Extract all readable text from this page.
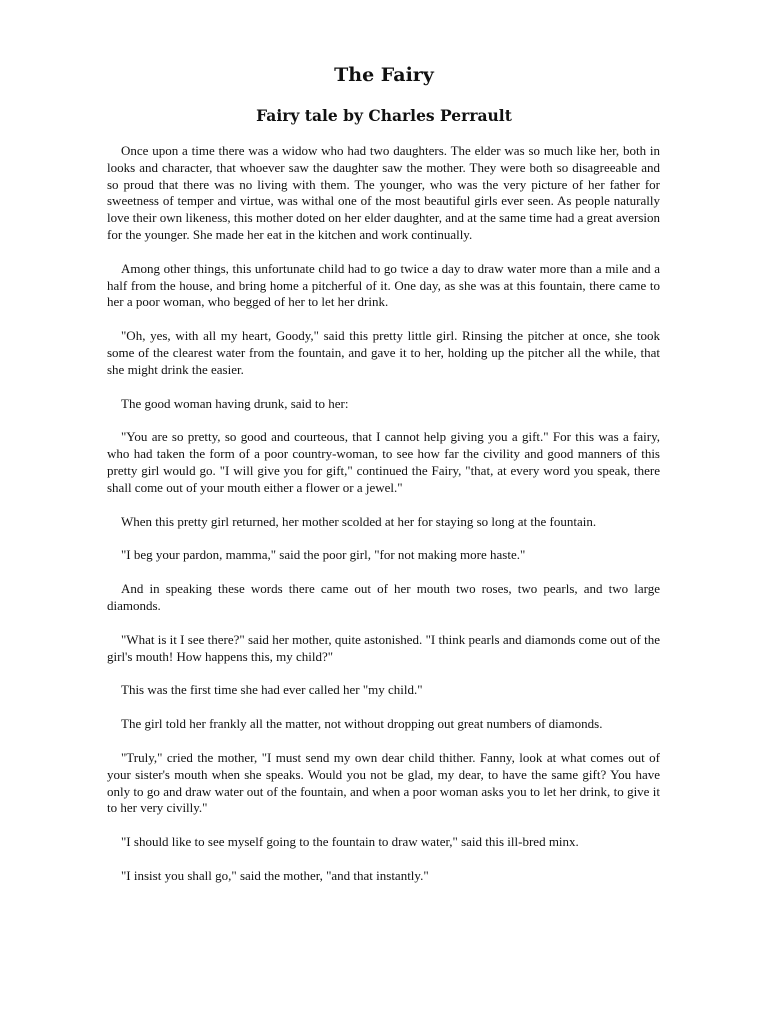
The Fairy
Fairy tale by Charles Perrault

Once upon a time there was a widow who had two daughters. The elder was so much like her, both in looks and character, that whoever saw the daughter saw the mother. They were both so disagreeable and so proud that there was no living with them. The younger, who was the very picture of her father for sweetness of temper and virtue, was withal one of the most beautiful girls ever seen. As people naturally love their own likeness, this mother doted on her elder daughter, and at the same time had a great aversion for the younger. She made her eat in the kitchen and work continually.

Among other things, this unfortunate child had to go twice a day to draw water more than a mile and a half from the house, and bring home a pitcherful of it. One day, as she was at this fountain, there came to her a poor woman, who begged of her to let her drink.

"Oh, yes, with all my heart, Goody," said this pretty little girl. Rinsing the pitcher at once, she took some of the clearest water from the fountain, and gave it to her, holding up the pitcher all the while, that she might drink the easier.

The good woman having drunk, said to her:

"You are so pretty, so good and courteous, that I cannot help giving you a gift." For this was a fairy, who had taken the form of a poor country-woman, to see how far the civility and good manners of this pretty girl would go. "I will give you for gift," continued the Fairy, "that, at every word you speak, there shall come out of your mouth either a flower or a jewel."

When this pretty girl returned, her mother scolded at her for staying so long at the fountain.

"I beg your pardon, mamma," said the poor girl, "for not making more haste."

And in speaking these words there came out of her mouth two roses, two pearls, and two large diamonds.

"What is it I see there?" said her mother, quite astonished. "I think pearls and diamonds come out of the girl's mouth! How happens this, my child?"

This was the first time she had ever called her "my child."

The girl told her frankly all the matter, not without dropping out great numbers of diamonds.

"Truly," cried the mother, "I must send my own dear child thither. Fanny, look at what comes out of your sister's mouth when she speaks. Would you not be glad, my dear, to have the same gift? You have only to go and draw water out of the fountain, and when a poor woman asks you to let her drink, to give it to her very civilly."

"I should like to see myself going to the fountain to draw water," said this ill-bred minx.

"I insist you shall go," said the mother, "and that instantly."
